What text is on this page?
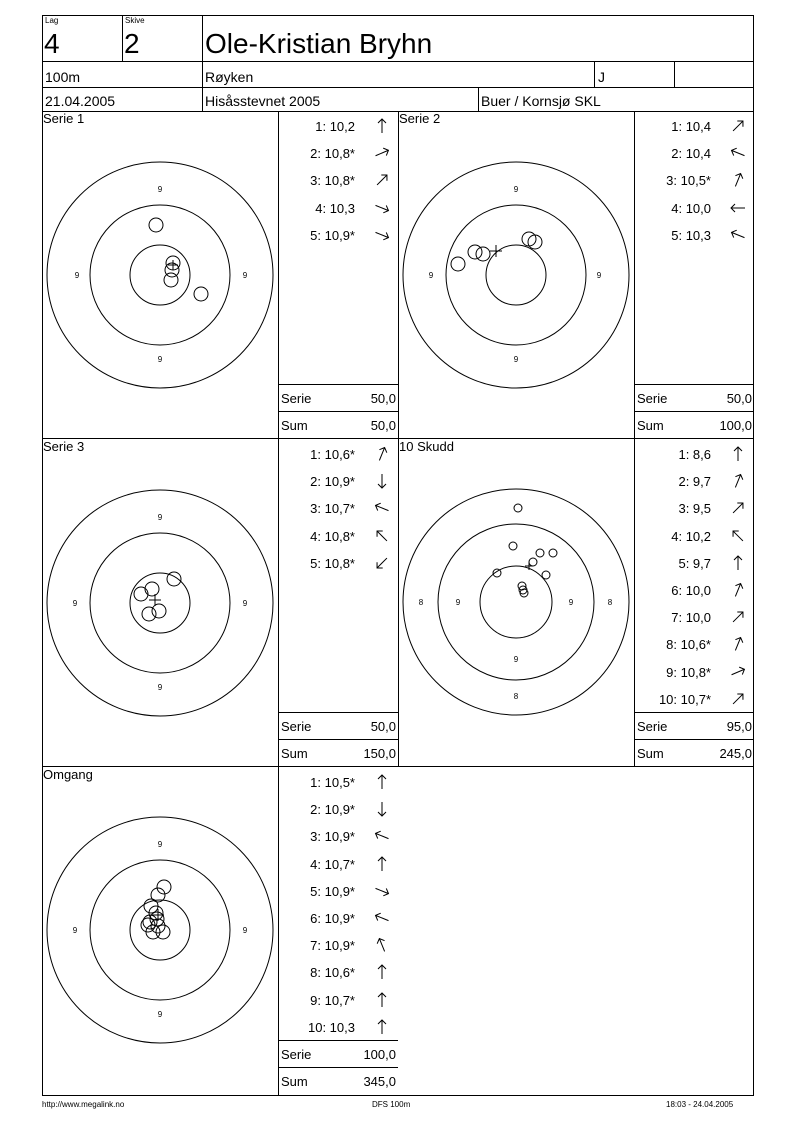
Lag
4
Skive
2 Ole-Kristian Bryhn
100m	Røyken	J
21.04.2005	Hisåsstevnet 2005	Buer / Kornsjø SKL
Serie 1
9
9	9
9
1: 10,2
2: 10,8*
3: 10,8*
4: 10,3
5: 10,9*
Serie	50,0
Sum	50,0
Serie 2
9
9	9
9
1: 10,4
2: 10,4
3: 10,5*
4: 10,0
5: 10,3
Serie	50,0
Sum	100,0
Serie 3
9
9	9
9
1: 10,6*
2: 10,9*
3: 10,7*
4: 10,8*
5: 10,8*
Serie	50,0
Sum	150,0
10 Skudd
8	9	9	8
9
8
1: 8,6
2: 9,7
3: 9,5
4: 10,2
5: 9,7
6: 10,0
7: 10,0
8: 10,6*
9: 10,8*
10: 10,7*
Serie	95,0
Sum	245,0
Omgang
9
9	9
9
1: 10,5*
2: 10,9*
3: 10,9*
4: 10,7*
5: 10,9*
6: 10,9*
7: 10,9*
8: 10,6*
9: 10,7*
10: 10,3
Serie	100,0
Sum	345,0
http://www.megalink.no	DFS 100m	18:03 - 24.04.2005
